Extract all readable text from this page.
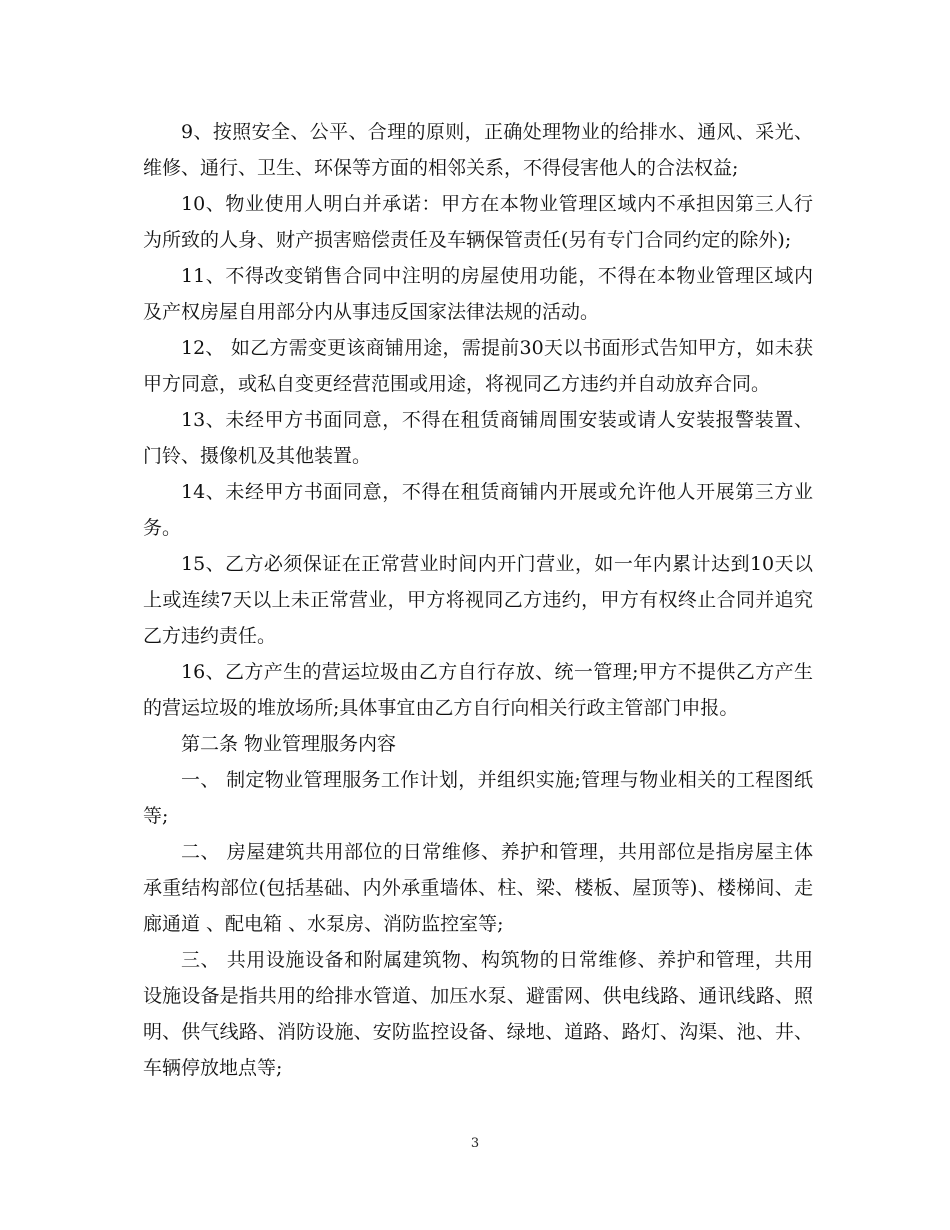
9、按照安全、公平、合理的原则，正确处理物业的给排水、通风、采光、维修、通行、卫生、环保等方面的相邻关系，不得侵害他人的合法权益;

10、物业使用人明白并承诺：甲方在本物业管理区域内不承担因第三人行为所致的人身、财产损害赔偿责任及车辆保管责任(另有专门合同约定的除外);

11、不得改变销售合同中注明的房屋使用功能，不得在本物业管理区域内及产权房屋自用部分内从事违反国家法律法规的活动。

12、 如乙方需变更该商铺用途，需提前30天以书面形式告知甲方，如未获甲方同意，或私自变更经营范围或用途，将视同乙方违约并自动放弃合同。

13、未经甲方书面同意，不得在租赁商铺周围安装或请人安装报警装置、门铃、摄像机及其他装置。

14、未经甲方书面同意，不得在租赁商铺内开展或允许他人开展第三方业务。

15、乙方必须保证在正常营业时间内开门营业，如一年内累计达到10天以上或连续7天以上未正常营业，甲方将视同乙方违约，甲方有权终止合同并追究乙方违约责任。

16、乙方产生的营运垃圾由乙方自行存放、统一管理;甲方不提供乙方产生的营运垃圾的堆放场所;具体事宜由乙方自行向相关行政主管部门申报。

第二条 物业管理服务内容

一、 制定物业管理服务工作计划，并组织实施;管理与物业相关的工程图纸等;

二、 房屋建筑共用部位的日常维修、养护和管理，共用部位是指房屋主体承重结构部位(包括基础、内外承重墙体、柱、梁、楼板、屋顶等)、楼梯间、走廊通道 、配电箱 、水泵房、消防监控室等;

三、 共用设施设备和附属建筑物、构筑物的日常维修、养护和管理，共用设施设备是指共用的给排水管道、加压水泵、避雷网、供电线路、通讯线路、照明、供气线路、消防设施、安防监控设备、绿地、道路、路灯、沟渠、池、井、车辆停放地点等;

3
